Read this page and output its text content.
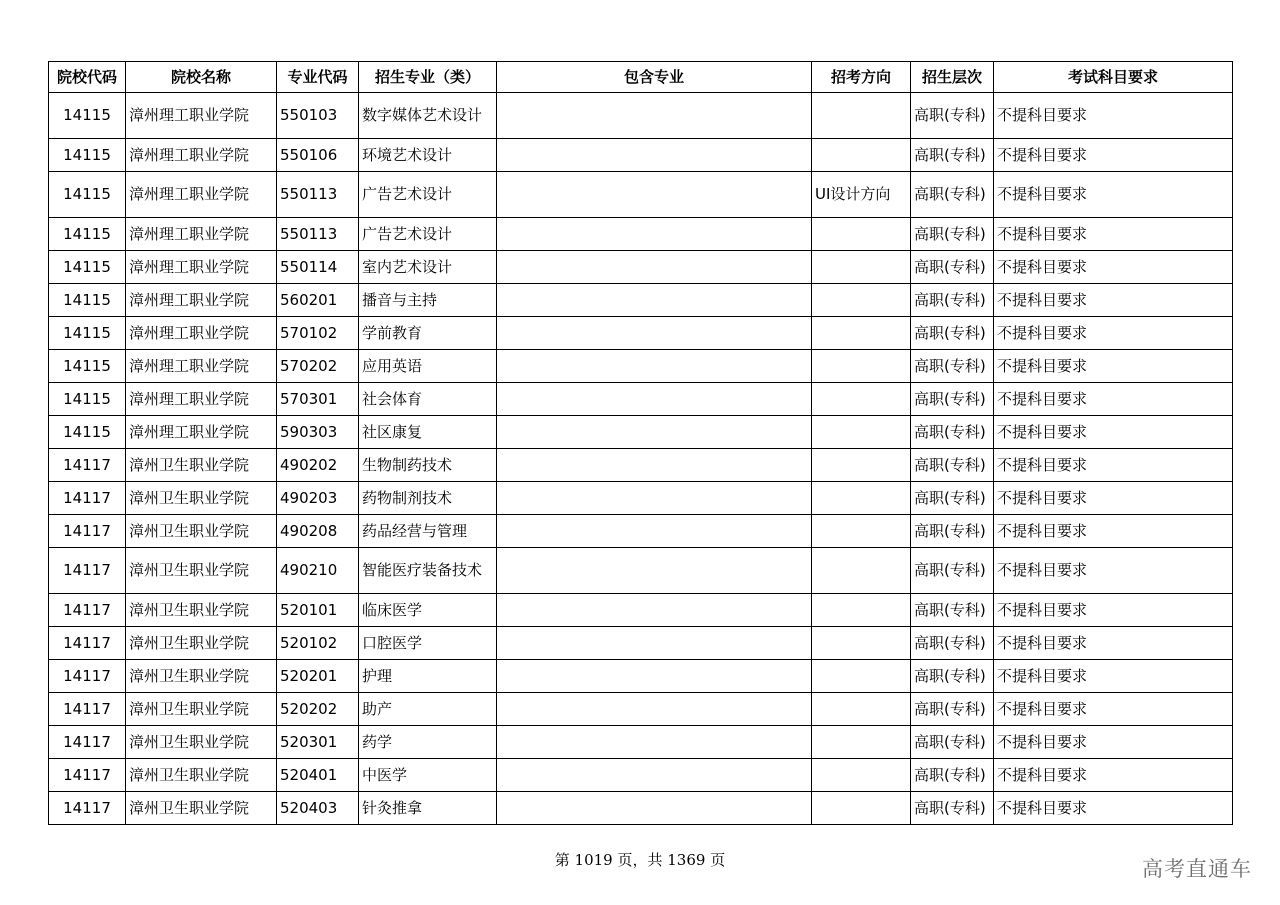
院校代码	院校名称	专业代码	招生专业（类）	包含专业	招考方向	招生层次	考试科目要求
14115	漳州理工职业学院	550103	数字媒体艺术设计			高职(专科)	不提科目要求
14115	漳州理工职业学院	550106	环境艺术设计			高职(专科)	不提科目要求
14115	漳州理工职业学院	550113	广告艺术设计		UI设计方向	高职(专科)	不提科目要求
14115	漳州理工职业学院	550113	广告艺术设计			高职(专科)	不提科目要求
14115	漳州理工职业学院	550114	室内艺术设计			高职(专科)	不提科目要求
14115	漳州理工职业学院	560201	播音与主持			高职(专科)	不提科目要求
14115	漳州理工职业学院	570102	学前教育			高职(专科)	不提科目要求
14115	漳州理工职业学院	570202	应用英语			高职(专科)	不提科目要求
14115	漳州理工职业学院	570301	社会体育			高职(专科)	不提科目要求
14115	漳州理工职业学院	590303	社区康复			高职(专科)	不提科目要求
14117	漳州卫生职业学院	490202	生物制药技术			高职(专科)	不提科目要求
14117	漳州卫生职业学院	490203	药物制剂技术			高职(专科)	不提科目要求
14117	漳州卫生职业学院	490208	药品经营与管理			高职(专科)	不提科目要求
14117	漳州卫生职业学院	490210	智能医疗装备技术			高职(专科)	不提科目要求
14117	漳州卫生职业学院	520101	临床医学			高职(专科)	不提科目要求
14117	漳州卫生职业学院	520102	口腔医学			高职(专科)	不提科目要求
14117	漳州卫生职业学院	520201	护理			高职(专科)	不提科目要求
14117	漳州卫生职业学院	520202	助产			高职(专科)	不提科目要求
14117	漳州卫生职业学院	520301	药学			高职(专科)	不提科目要求
14117	漳州卫生职业学院	520401	中医学			高职(专科)	不提科目要求
14117	漳州卫生职业学院	520403	针灸推拿			高职(专科)	不提科目要求
第 1019 页，共 1369 页	高考直通车
